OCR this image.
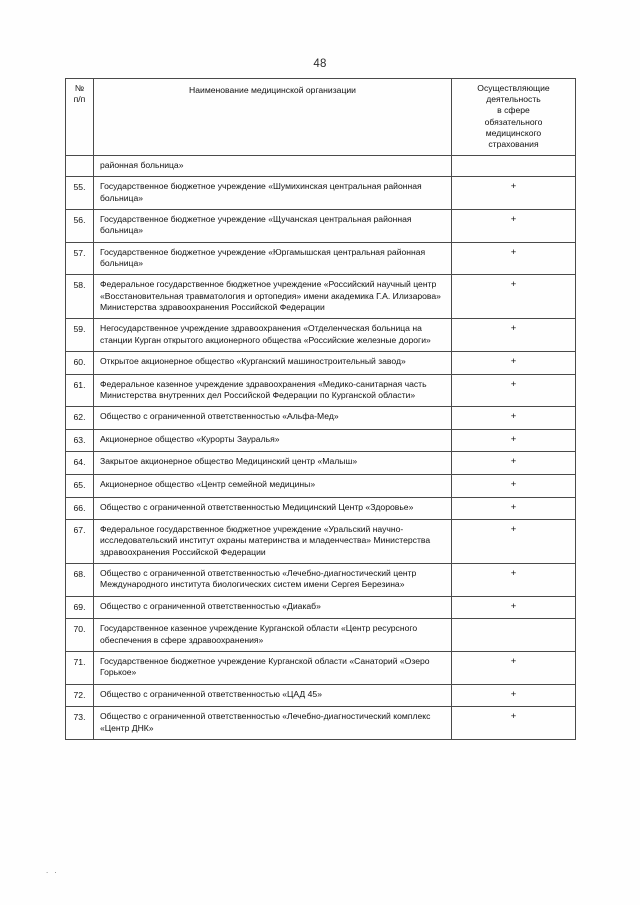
48
№
п/п
	Наименование медицинской организации	Осуществляющие
деятельность
в сфере
обязательного
медицинского
страхования

	районная больница»	
55.	Государственное бюджетное учреждение «Шумихинская центральная районная больница»	+
56.	Государственное бюджетное учреждение «Щучанская центральная районная больница»	+
57.	Государственное бюджетное учреждение «Юргамышская центральная районная больница»	+
58.	Федеральное государственное бюджетное учреждение «Российский научный центр «Восстановительная травматология и ортопедия» имени академика Г.А. Илизарова» Министерства здравоохранения Российской Федерации	+
59.	Негосударственное учреждение здравоохранения «Отделенческая больница на станции Курган открытого акционерного общества «Российские железные дороги»	+
60.	Открытое акционерное общество «Курганский машиностроительный завод»	+
61.	Федеральное казенное учреждение здравоохранения «Медико-санитарная часть Министерства внутренних дел Российской Федерации по Курганской области»	+
62.	Общество с ограниченной ответственностью «Альфа-Мед»	+
63.	Акционерное общество «Курорты Зауралья»	+
64.	Закрытое акционерное общество Медицинский центр «Малыш»	+
65.	Акционерное общество «Центр семейной медицины»	+
66.	Общество с ограниченной ответственностью Медицинский Центр «Здоровье»	+
67.	Федеральное государственное бюджетное учреждение «Уральский научно-исследовательский институт охраны материнства и младенчества» Министерства здравоохранения Российской Федерации	+
68.	Общество с ограниченной ответственностью «Лечебно-диагностический центр Международного института биологических систем имени Сергея Березина»	+
69.	Общество с ограниченной ответственностью «Диакаб»	+
70.	Государственное казенное учреждение Курганской области «Центр ресурсного обеспечения в сфере здравоохранения»	
71.	Государственное бюджетное учреждение Курганской области «Санаторий «Озеро Горькое»	+
72.	Общество с ограниченной ответственностью «ЦАД 45»	+
73.	Общество с ограниченной ответственностью «Лечебно-диагностический комплекс «Центр ДНК»	+
. .
